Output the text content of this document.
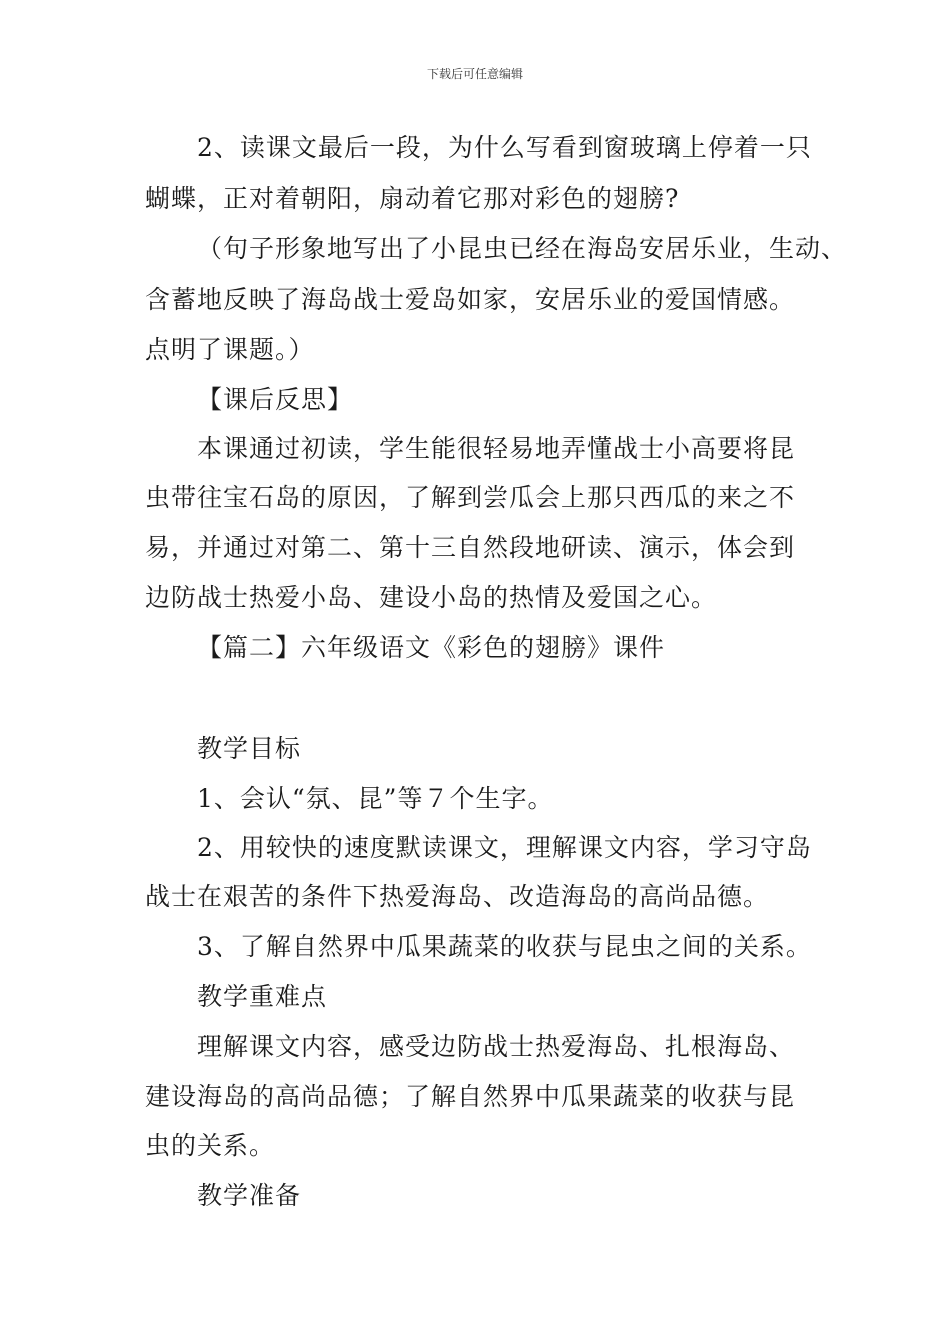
下载后可任意编辑
2、读课文最后一段，为什么写看到窗玻璃上停着一只
蝴蝶，正对着朝阳，扇动着它那对彩色的翅膀?
（句子形象地写出了小昆虫已经在海岛安居乐业，生动、
含蓄地反映了海岛战士爱岛如家，安居乐业的爱国情感。
点明了课题。）
【课后反思】
本课通过初读，学生能很轻易地弄懂战士小高要将昆
虫带往宝石岛的原因，了解到尝瓜会上那只西瓜的来之不
易，并通过对第二、第十三自然段地研读、演示，体会到
边防战士热爱小岛、建设小岛的热情及爱国之心。
【篇二】六年级语文《彩色的翅膀》课件
教学目标
1、会认“氛、昆”等７个生字。
2、用较快的速度默读课文，理解课文内容，学习守岛
战士在艰苦的条件下热爱海岛、改造海岛的高尚品德。
3、了解自然界中瓜果蔬菜的收获与昆虫之间的关系。
教学重难点
理解课文内容，感受边防战士热爱海岛、扎根海岛、
建设海岛的高尚品德；了解自然界中瓜果蔬菜的收获与昆
虫的关系。
教学准备
